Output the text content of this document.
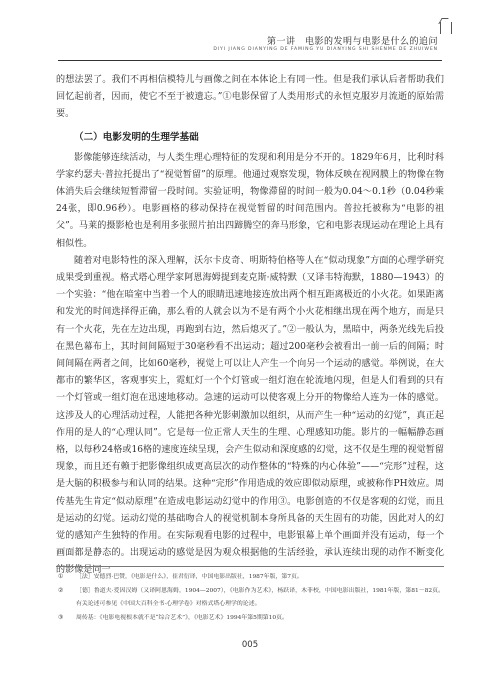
第一讲　电影的发明与电影是什么的追问
DIYI JIANG DIANYING DE FAMING YU DIANYING SHI SHENME DE ZHUIWEN

的想法罢了。我们不再相信模特儿与画像之间在本体论上有同一性。但是我们承认后者帮助我们回忆起前者，因而，使它不至于被遗忘。”①电影保留了人类用形式的永恒克服岁月流逝的原始需要。

（二）电影发明的生理学基础

影像能够连续活动，与人类生理心理特征的发现和利用是分不开的。1829年6月，比利时科学家约瑟夫·普拉托提出了“视觉暂留”的原理。他通过观察发现，物体反映在视网膜上的物像在物体消失后会继续短暂滞留一段时间。实验证明，物像滞留的时间一般为0.04～0.1秒（0.04秒乘24张，即0.96秒）。电影画格的移动保持在视觉暂留的时间范围内。普拉托被称为“电影的祖父”。马莱的摄影枪也是利用多张照片拍出四蹄腾空的奔马形象，它和电影表现运动在理论上具有相似性。

随着对电影特性的深入理解，沃尔卡皮奇、明斯特伯格等人在“似动现象”方面的心理学研究成果受到重视。格式塔心理学家阿恩海姆提到麦克斯·威特默（又译韦特海默，1880—1943）的一个实验：“他在暗室中当着一个人的眼睛迅速地接连放出两个相互距离极近的小火花。如果距离和发光的时间选择得正确，那么看的人就会以为不是有两个小火花相继出现在两个地方，而是只有一个火花，先在左边出现，再跑到右边，然后熄灭了。”②一般认为，黑暗中，两条光线先后投在黑色幕布上，其时间间隔短于30毫秒看不出运动；超过200毫秒会被看出一前一后的间隔；时间间隔在两者之间，比如60毫秒，视觉上可以让人产生一个向另一个运动的感觉。举例说，在大都市的繁华区，客观事实上，霓虹灯一个个灯管或一组灯泡在轮流地闪现，但是人们看到的只有一个灯管或一组灯泡在迅速地移动。急速的运动可以使客观上分开的物像给人连为一体的感觉。这涉及人的心理活动过程，人能把各种光影刺激加以组织，从而产生一种“运动的幻觉”，真正起作用的是人的“心理认同”。它是每一位正常人天生的生理、心理感知功能。影片的一幅幅静态画格，以每秒24格或16格的速度连续呈现，会产生似动和深度感的幻觉，这不仅是生理的视觉暂留现象，而且还有赖于把影像组织成更高层次的动作整体的“特殊的内心体验”——“完形”过程，这是大脑的积极参与和认同的结果。这种“完形”作用造成的效应即似动原理，或被称作PH效应。周传基先生肯定“似动原理”在造成电影运动幻觉中的作用③。电影创造的不仅是客观的幻觉，而且是运动的幻觉。运动幻觉的基础吻合人的视觉机制本身所具备的天生固有的功能，因此对人的幻觉的感知产生独特的作用。在实际观看电影的过程中，电影银幕上单个画面并没有运动，每一个画面都是静态的。出现运动的感觉是因为观众根据他的生活经验，承认连续出现的动作不断变化的影像是同一

① ［法］安德烈·巴赞，《电影是什么》，崔君衍译，中国电影出版社，1987年版，第7页。

② ［德］鲁道夫·爱因汉姆（又译阿恩海姆，1904—2007），《电影作为艺术》，杨跃译，木菲校，中国电影出版社，1981年版，第81－82页。有关论述可参见《中国大百科全书·心理学卷》对格式塔心理学的论述。

③ 周传基：《电影电视根本就不是“综合艺术”》，《电影艺术》1994年第5期第10页。

005
